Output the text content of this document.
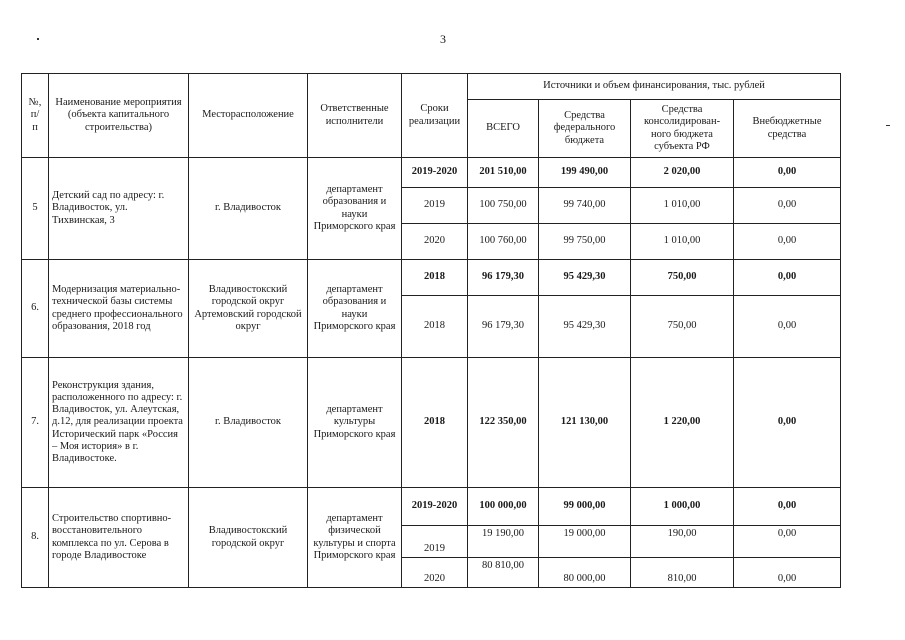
3
№,
п/
п	Наименование мероприятия (объекта капитального строительства)	Месторасположение	Ответственные исполнители	Сроки реализации	Источники и объем финансирования, тыс. рублей			
					ВСЕГО	Средства федерального бюджета	Средства консолидирован-ного бюджета субъекта РФ	Внебюджетные средства
5	Детский сад по адресу: г. Владивосток, ул. Тихвинская, 3	г. Владивосток	департамент образования и науки Приморского края	2019-2020	201 510,00	199 490,00	2 020,00	0,00
				2019	100 750,00	99 740,00	1 010,00	0,00
				2020	100 760,00	99 750,00	1 010,00	0,00
6.	Модернизация материально-технической базы системы среднего профессионального образования, 2018 год	Владивостокский городской округ Артемовский городской округ	департамент образования и науки Приморского края	2018	96 179,30	95 429,30	750,00	0,00
				2018	96 179,30	95 429,30	750,00	0,00
7.	Реконструкция здания, расположенного по адресу: г. Владивосток, ул. Алеутская, д.12, для реализации проекта Исторический парк «Россия – Моя история» в г. Владивостоке.	г. Владивосток	департамент культуры Приморского края	2018	122 350,00	121 130,00	1 220,00	0,00
8.	Строительство спортивно-восстановительного комплекса по ул. Серова в городе Владивостоке	Владивостокский городской округ	департамент физической культуры и спорта Приморского края	2019-2020	100 000,00	99 000,00	1 000,00	0,00
				2019	19 190,00	19 000,00	190,00	0,00
				2020	80 810,00	80 000,00	810,00	0,00
